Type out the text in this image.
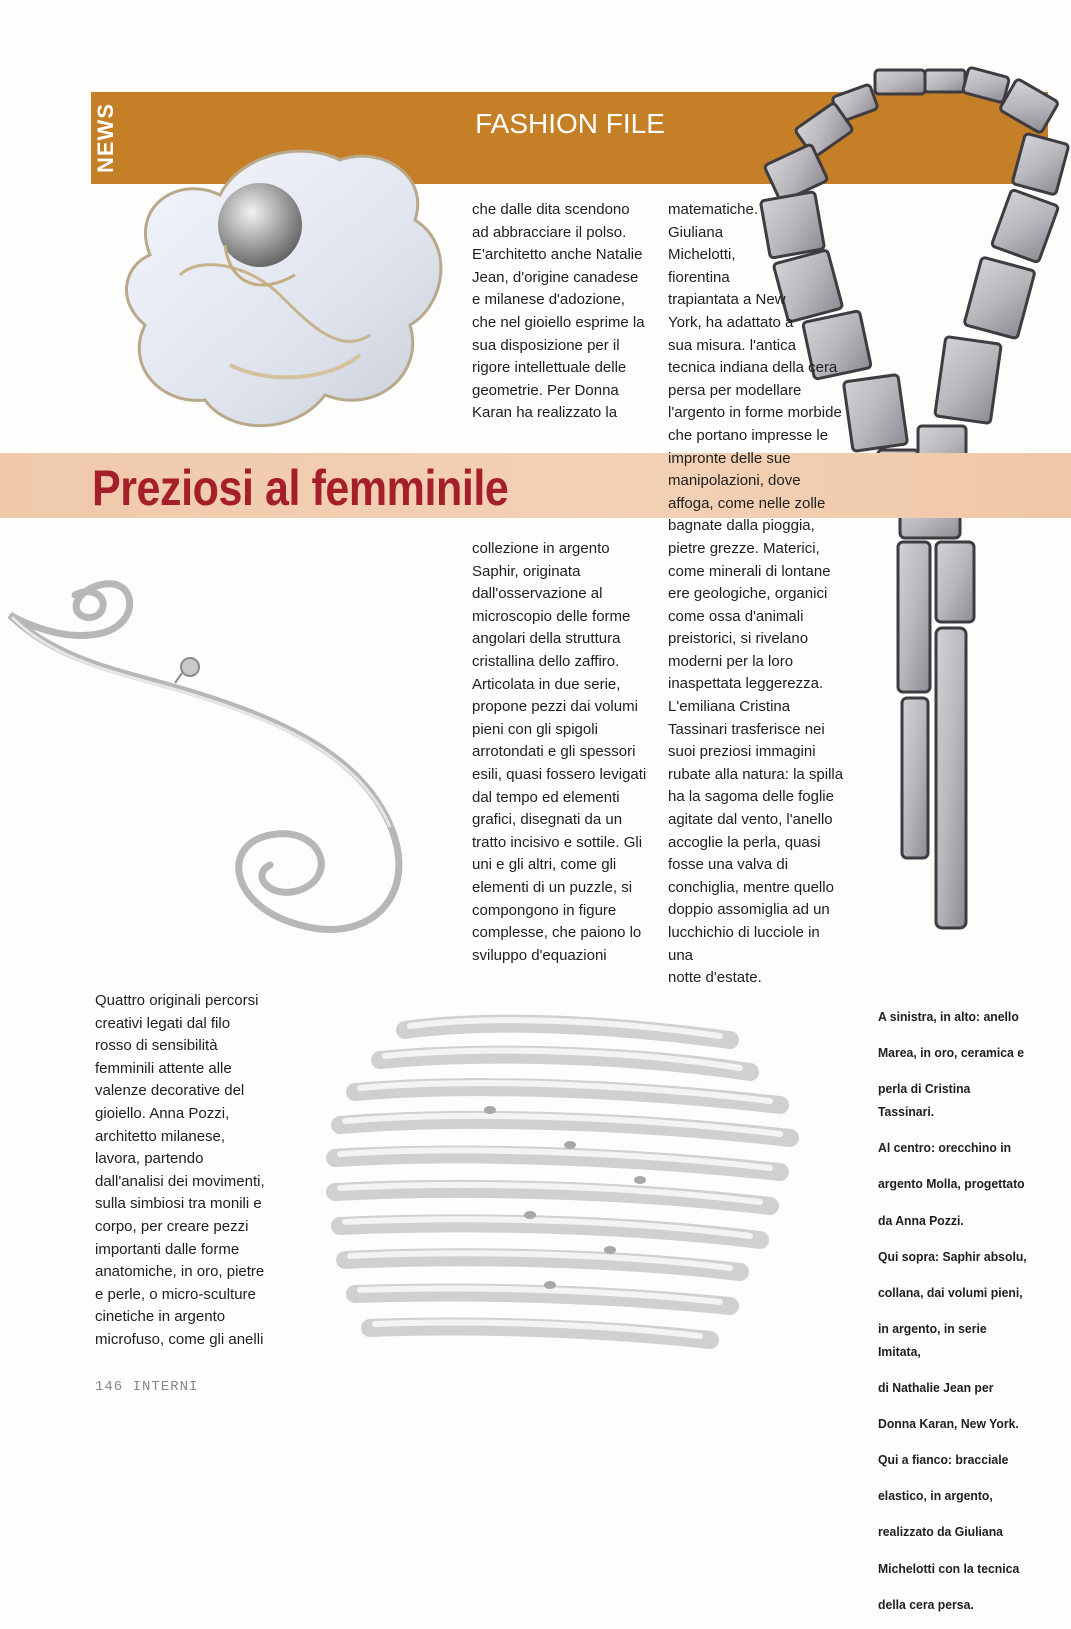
NEWS	FASHION FILE
Preziosi al femminile

che dalle dita scendono

ad abbracciare il polso.

E'architetto anche Natalie

Jean, d'origine canadese

e milanese d'adozione,

che nel gioiello esprime la

sua disposizione per il

rigore intellettuale delle

geometrie. Per Donna

Karan ha realizzato la

collezione in argento

Saphir, originata

dall'osservazione al

microscopio delle forme

angolari della struttura

cristallina dello zaffiro.

Articolata in due serie,

propone pezzi dai volumi

pieni con gli spigoli

arrotondati e gli spessori

esili, quasi fossero levigati

dal tempo ed elementi

grafici, disegnati da un

tratto incisivo e sottile. Gli

uni e gli altri, come gli

elementi di un puzzle, si

compongono in figure

complesse, che paiono lo

sviluppo d'equazioni

matematiche.

Giuliana

Michelotti,

fiorentina

trapiantata a New

York, ha adattato a

sua misura. l'antica

tecnica indiana della cera

persa per modellare

l'argento in forme morbide

che portano impresse le

impronte delle sue

manipolazioni, dove

affoga, come nelle zolle

bagnate dalla pioggia,

pietre grezze. Materici,

come minerali di lontane

ere geologiche, organici

come ossa d'animali

preistorici, si rivelano

moderni per la loro

inaspettata leggerezza.

L'emiliana Cristina

Tassinari trasferisce nei

suoi preziosi immagini

rubate alla natura: la spilla

ha la sagoma delle foglie

agitate dal vento, l'anello

accoglie la perla, quasi

fosse una valva di

conchiglia, mentre quello

doppio assomiglia ad un

lucchichio di lucciole in una

notte d'estate.

Quattro originali percorsi

creativi legati dal filo

rosso di sensibilità

femminili attente alle

valenze decorative del

gioiello. Anna Pozzi,

architetto milanese,

lavora, partendo

dall'analisi dei movimenti,

sulla simbiosi tra monili e

corpo, per creare pezzi

importanti dalle forme

anatomiche, in oro, pietre

e perle, o micro-sculture

cinetiche in argento

microfuso, come gli anelli

A sinistra, in alto: anello

Marea, in oro, ceramica e

perla di Cristina Tassinari.

Al centro: orecchino in

argento Molla, progettato

da Anna Pozzi.

Qui sopra: Saphir absolu,

collana, dai volumi pieni,

in argento, in serie Imitata,

di Nathalie Jean per

Donna Karan, New York.

Qui a fianco: bracciale

elastico, in argento,

realizzato da Giuliana

Michelotti con la tecnica

della cera persa.

146 INTERNI
